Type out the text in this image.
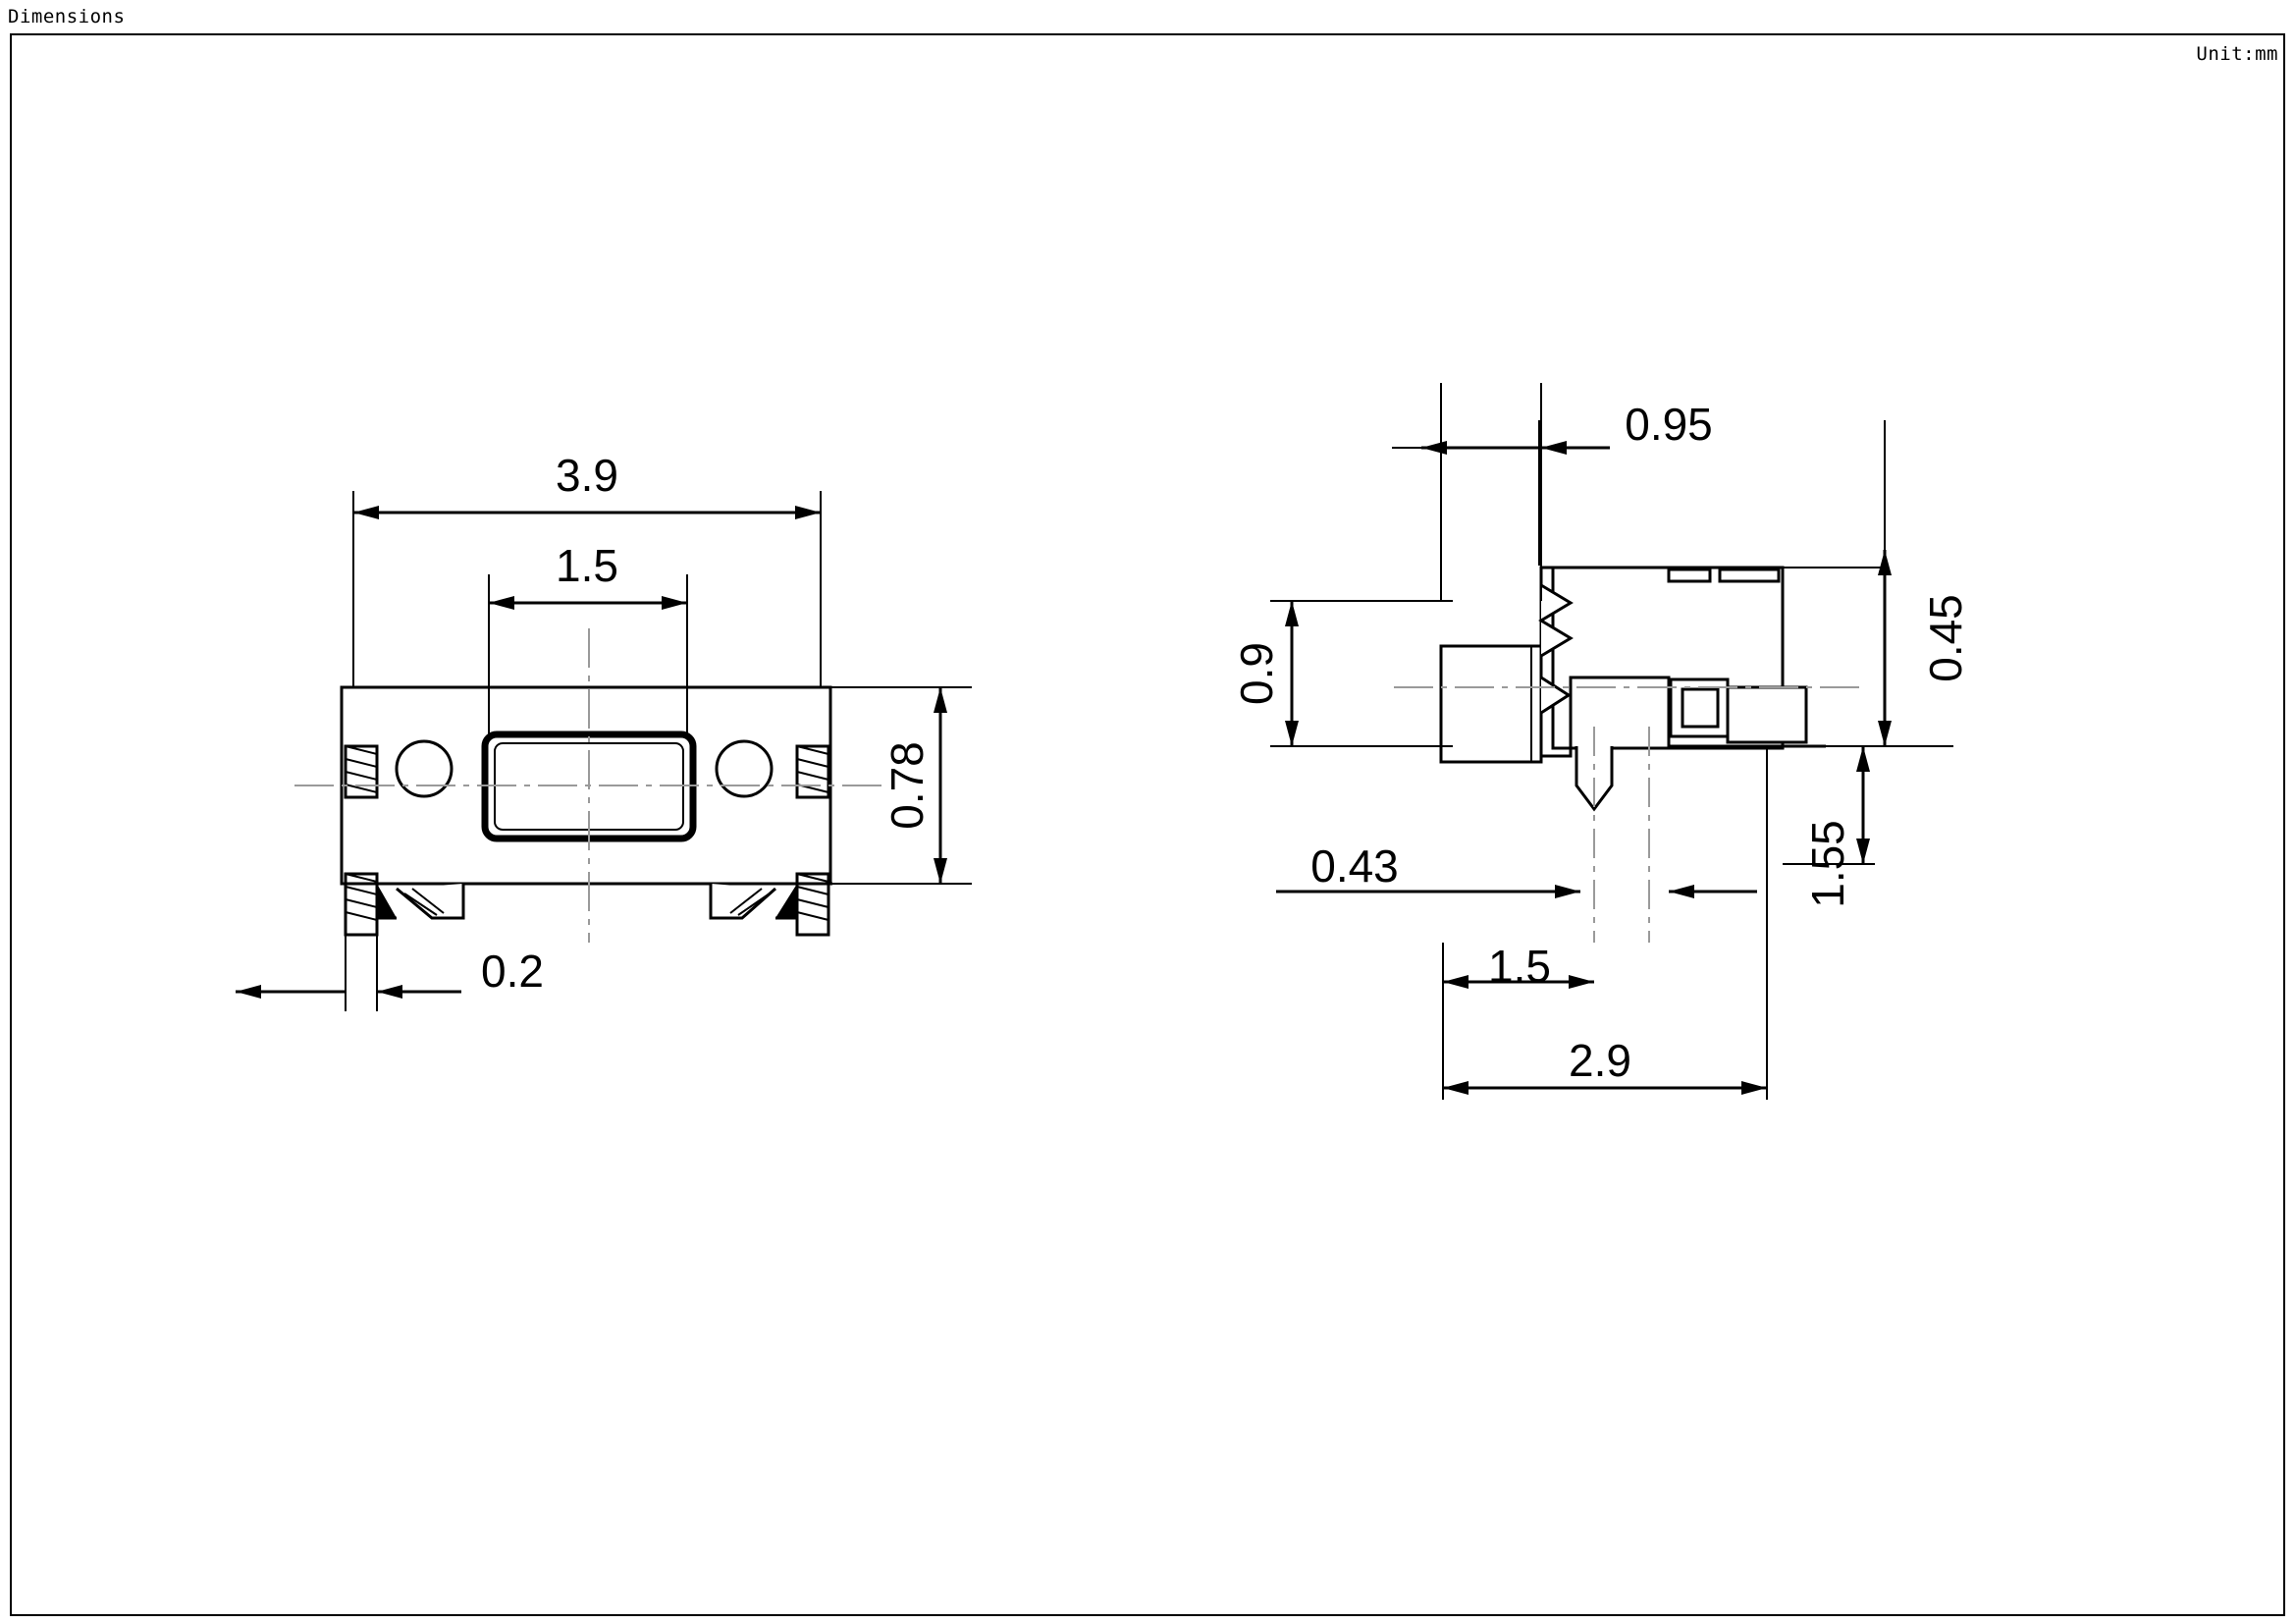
Dimensions
Unit:mm
3.9
1.5
0.78
0.2
0.9
0.95
0.45
1.55
0.43
1.5
2.9
